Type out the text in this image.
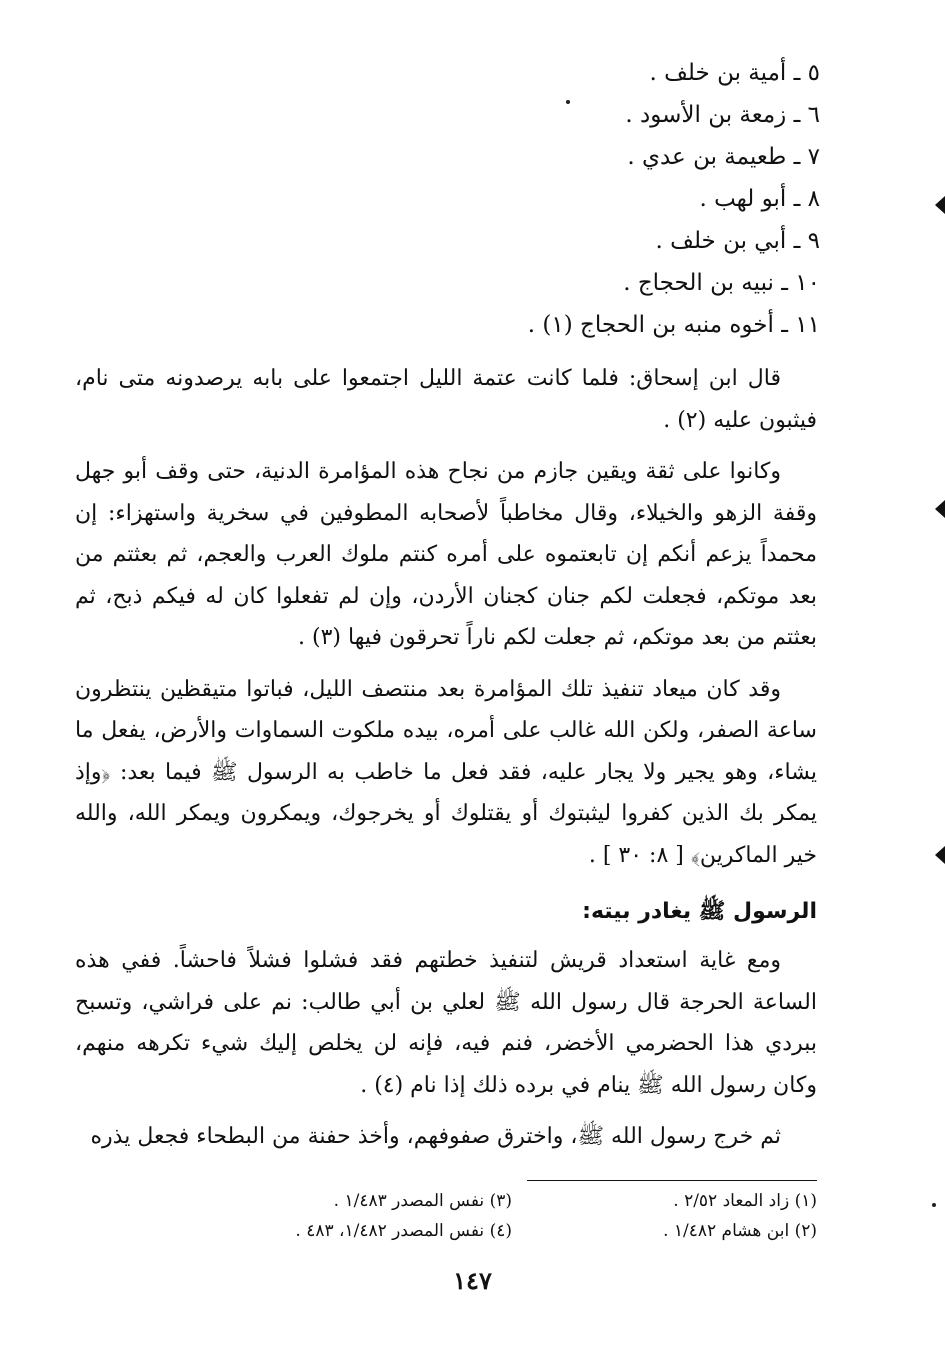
٥ ـ أمية بن خلف .
٦ ـ زمعة بن الأسود .
٧ ـ طعيمة بن عدي .
٨ ـ أبو لهب .
٩ ـ أبي بن خلف .
١٠ ـ نبيه بن الحجاج .
١١ ـ أخوه منبه بن الحجاج (١) .

قال ابن إسحاق: فلما كانت عتمة الليل اجتمعوا على بابه يرصدونه متى نام، فيثبون عليه (٢) .

وكانوا على ثقة ويقين جازم من نجاح هذه المؤامرة الدنية، حتى وقف أبو جهل وقفة الزهو والخيلاء، وقال مخاطباً لأصحابه المطوفين في سخرية واستهزاء: إن محمداً يزعم أنكم إن تابعتموه على أمره كنتم ملوك العرب والعجم، ثم بعثتم من بعد موتكم، فجعلت لكم جنان كجنان الأردن، وإن لم تفعلوا كان له فيكم ذبح، ثم بعثتم من بعد موتكم، ثم جعلت لكم ناراً تحرقون فيها (٣) .

وقد كان ميعاد تنفيذ تلك المؤامرة بعد منتصف الليل، فباتوا متيقظين ينتظرون ساعة الصفر، ولكن الله غالب على أمره، بيده ملكوت السماوات والأرض، يفعل ما يشاء، وهو يجير ولا يجار عليه، فقد فعل ما خاطب به الرسول ﷺ فيما بعد: ﴿وإذ يمكر بك الذين كفروا ليثبتوك أو يقتلوك أو يخرجوك، ويمكرون ويمكر الله، والله خير الماكرين﴾ [ ٨: ٣٠ ] .

الرسول ﷺ يغادر بيته:

ومع غاية استعداد قريش لتنفيذ خطتهم فقد فشلوا فشلاً فاحشاً. ففي هذه الساعة الحرجة قال رسول الله ﷺ لعلي بن أبي طالب: نم على فراشي، وتسبح ببردي هذا الحضرمي الأخضر، فنم فيه، فإنه لن يخلص إليك شيء تكرهه منهم، وكان رسول الله ﷺ ينام في برده ذلك إذا نام (٤) .

ثم خرج رسول الله ﷺ، واخترق صفوفهم، وأخذ حفنة من البطحاء فجعل يذره

(١) زاد المعاد ٢/٥٢ .
(٣) نفس المصدر ١/٤٨٣ .
(٢) ابن هشام ١/٤٨٢ .
(٤) نفس المصدر ١/٤٨٢، ٤٨٣ .
١٤٧
